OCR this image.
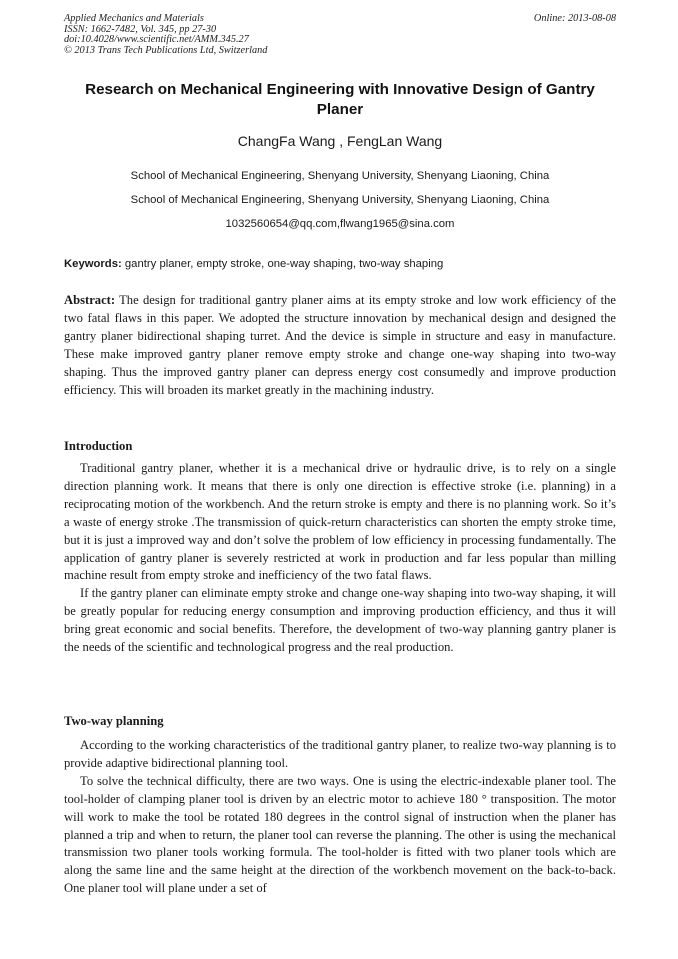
Applied Mechanics and Materials
ISSN: 1662-7482, Vol. 345, pp 27-30
doi:10.4028/www.scientific.net/AMM.345.27
© 2013 Trans Tech Publications Ltd, Switzerland
Online: 2013-08-08
Research on Mechanical Engineering with Innovative Design of Gantry Planer
ChangFa Wang , FengLan Wang
School of Mechanical Engineering, Shenyang University, Shenyang Liaoning, China
School of Mechanical Engineering, Shenyang University, Shenyang Liaoning, China
1032560654@qq.com,flwang1965@sina.com
Keywords: gantry planer, empty stroke, one-way shaping, two-way shaping

Abstract: The design for traditional gantry planer aims at its empty stroke and low work efficiency of the two fatal flaws in this paper. We adopted the structure innovation by mechanical design and designed the gantry planer bidirectional shaping turret. And the device is simple in structure and easy in manufacture. These make improved gantry planer remove empty stroke and change one-way shaping into two-way shaping. Thus the improved gantry planer can depress energy cost consumedly and improve production efficiency. This will broaden its market greatly in the machining industry.

Introduction

Traditional gantry planer, whether it is a mechanical drive or hydraulic drive, is to rely on a single direction planning work. It means that there is only one direction is effective stroke (i.e. planning) in a reciprocating motion of the workbench. And the return stroke is empty and there is no planning work. So it’s a waste of energy stroke .The transmission of quick-return characteristics can shorten the empty stroke time, but it is just a improved way and don’t solve the problem of low efficiency in processing fundamentally. The application of gantry planer is severely restricted at work in production and far less popular than milling machine result from empty stroke and inefficiency of the two fatal flaws.

If the gantry planer can eliminate empty stroke and change one-way shaping into two-way shaping, it will be greatly popular for reducing energy consumption and improving production efficiency, and thus it will bring great economic and social benefits. Therefore, the development of two-way planning gantry planer is the needs of the scientific and technological progress and the real production.

Two-way planning

According to the working characteristics of the traditional gantry planer, to realize two-way planning is to provide adaptive bidirectional planning tool.

To solve the technical difficulty, there are two ways. One is using the electric-indexable planer tool. The tool-holder of clamping planer tool is driven by an electric motor to achieve 180 ° transposition. The motor will work to make the tool be rotated 180 degrees in the control signal of instruction when the planer has planned a trip and when to return, the planer tool can reverse the planning. The other is using the mechanical transmission two planer tools working formula. The tool-holder is fitted with two planer tools which are along the same line and the same height at the direction of the workbench movement on the back-to-back. One planer tool will plane under a set of
